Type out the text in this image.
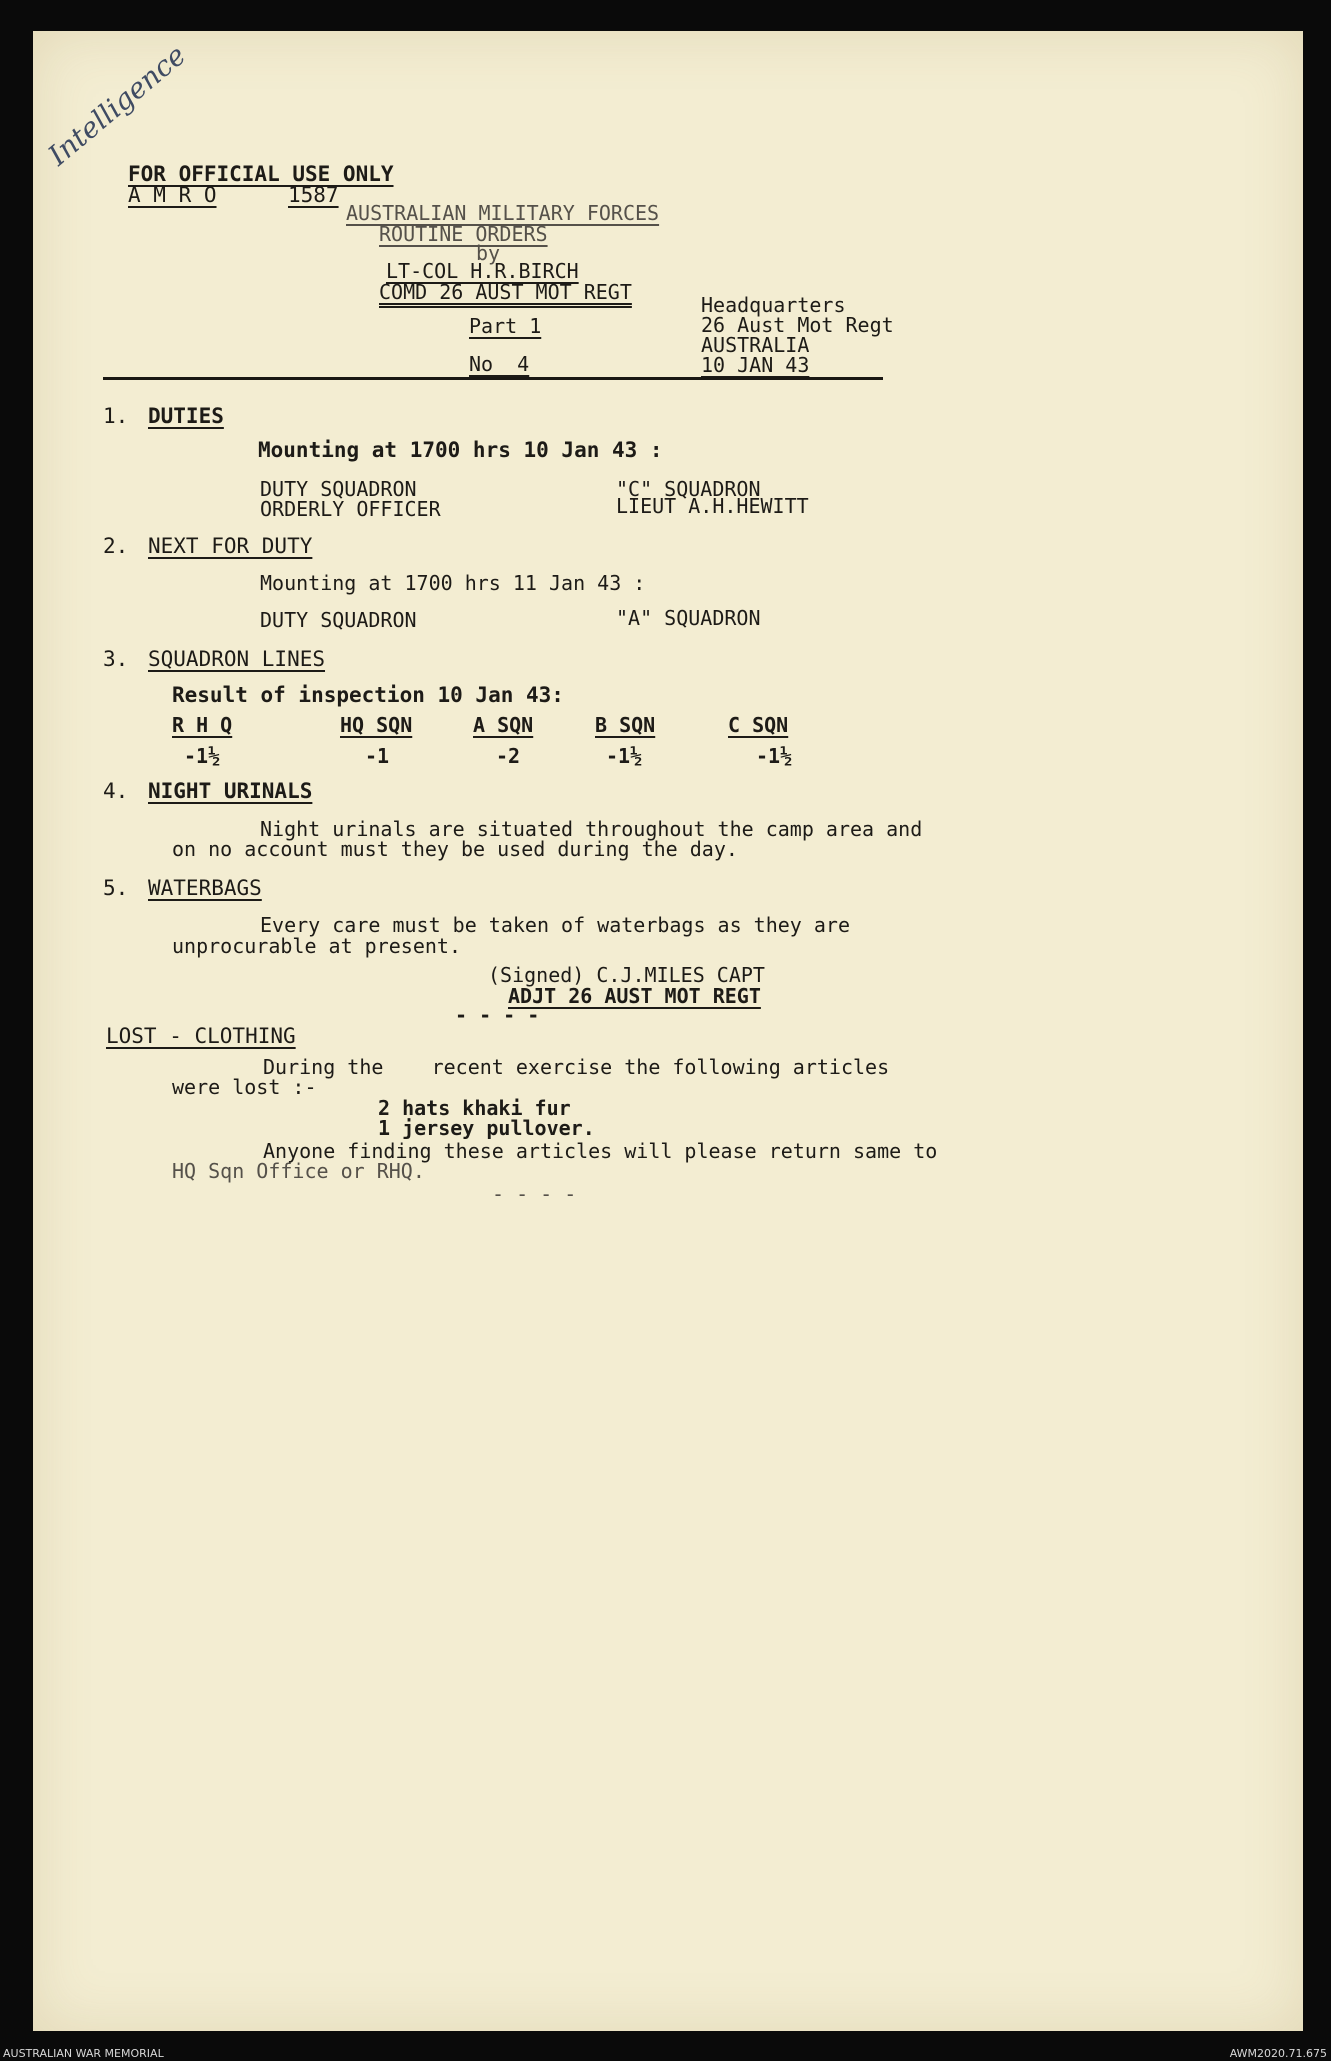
Intelligence
FOR OFFICIAL USE ONLY
A M R O	1587
AUSTRALIAN MILITARY FORCES
ROUTINE ORDERS
by
LT-COL H.R.BIRCH
COMD 26 AUST MOT REGT
Part 1
No  4
Headquarters
26 Aust Mot Regt
AUSTRALIA
10 JAN 43
1. DUTIES
Mounting at 1700 hrs 10 Jan 43 :
DUTY SQUADRON	"C" SQUADRON
ORDERLY OFFICER	LIEUT A.H.HEWITT
2. NEXT FOR DUTY
Mounting at 1700 hrs 11 Jan 43 :
DUTY SQUADRON	"A" SQUADRON
3. SQUADRON LINES
Result of inspection 10 Jan 43:
R H Q	HQ SQN	A SQN	B SQN	C SQN
-1½	-1	-2	-1½	-1½
4. NIGHT URINALS
Night urinals are situated throughout the camp area and
on no account must they be used during the day.
5. WATERBAGS
Every care must be taken of waterbags as they are
unprocurable at present.
(Signed) C.J.MILES CAPT
ADJT 26 AUST MOT REGT
- - - -
LOST - CLOTHING
During the    recent exercise the following articles
were lost :-
2 hats khaki fur
1 jersey pullover.
Anyone finding these articles will please return same to
HQ Sqn Office or RHQ.
- - - -
AUSTRALIAN WAR MEMORIAL	AWM2020.71.675
